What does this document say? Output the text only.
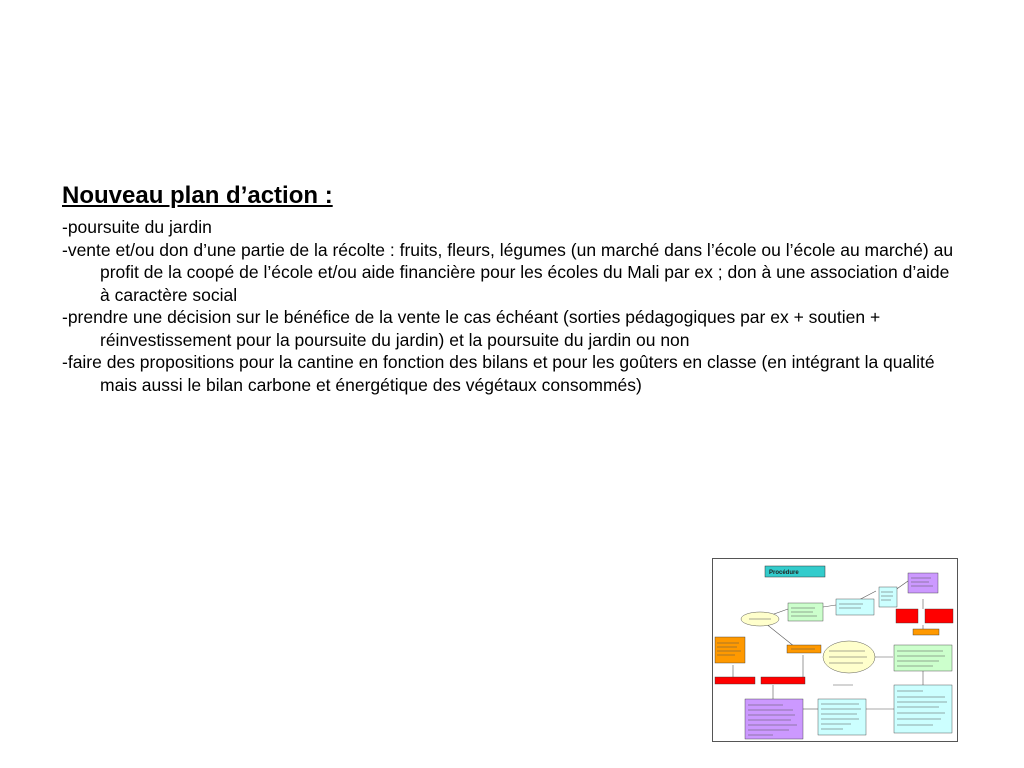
Nouveau plan d’action :
-poursuite du jardin
-vente et/ou don d’une partie de la récolte : fruits, fleurs, légumes (un marché dans l’école ou l’école au marché) au profit de la coopé de l’école et/ou aide financière pour les écoles du Mali par ex ; don à une association d’aide à caractère social
-prendre une décision sur le bénéfice de la vente le cas échéant (sorties pédagogiques par ex + soutien + réinvestissement pour la poursuite du jardin) et la poursuite du jardin ou non
-faire des propositions pour la cantine en fonction des bilans et pour les goûters en classe (en intégrant la qualité mais aussi le bilan carbone et énergétique des végétaux consommés)
Procédure
